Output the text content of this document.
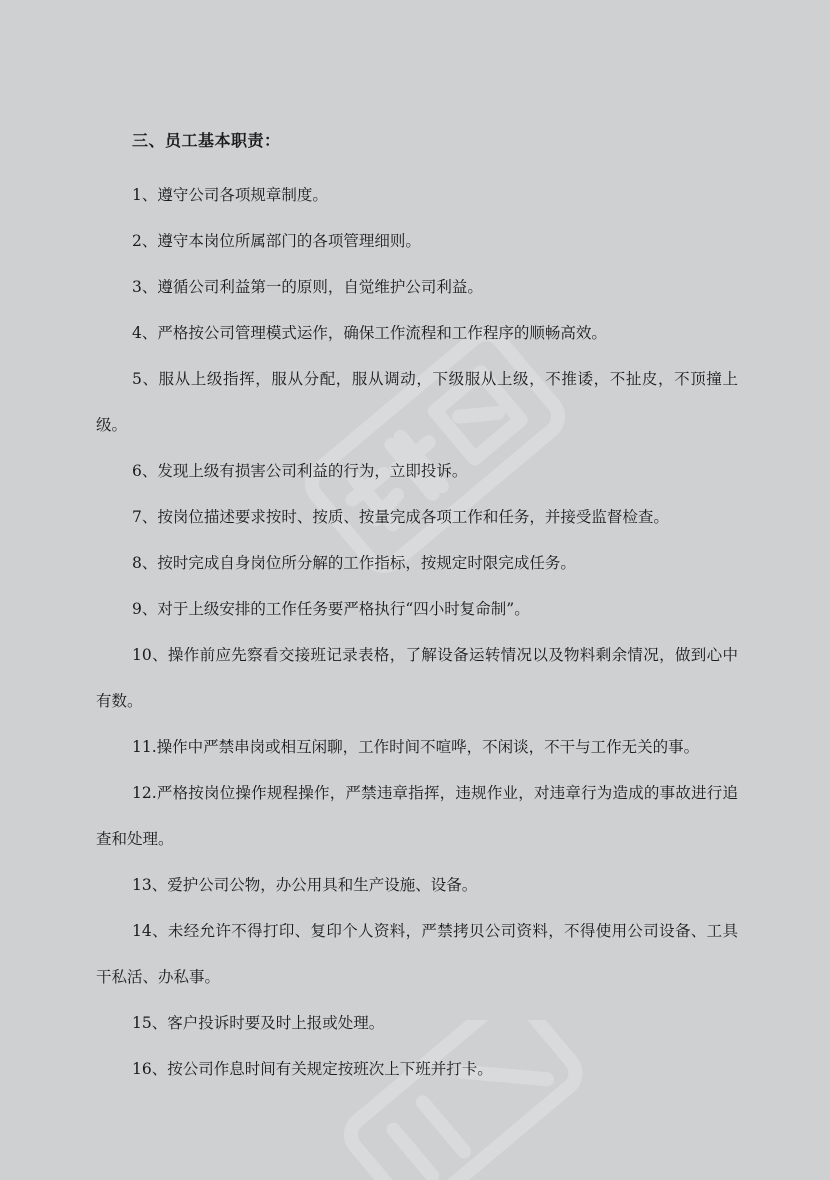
三、员工基本职责：

1、遵守公司各项规章制度。

2、遵守本岗位所属部门的各项管理细则。

3、遵循公司利益第一的原则，自觉维护公司利益。

4、严格按公司管理模式运作，确保工作流程和工作程序的顺畅高效。

5、服从上级指挥，服从分配，服从调动，下级服从上级，不推诿，不扯皮，不顶撞上级。

6、发现上级有损害公司利益的行为，立即投诉。

7、按岗位描述要求按时、按质、按量完成各项工作和任务，并接受监督检查。

8、按时完成自身岗位所分解的工作指标，按规定时限完成任务。

9、对于上级安排的工作任务要严格执行“四小时复命制”。

10、操作前应先察看交接班记录表格，了解设备运转情况以及物料剩余情况，做到心中有数。

11.操作中严禁串岗或相互闲聊，工作时间不喧哗，不闲谈，不干与工作无关的事。

12.严格按岗位操作规程操作，严禁违章指挥，违规作业，对违章行为造成的事故进行追查和处理。

13、爱护公司公物，办公用具和生产设施、设备。

14、未经允许不得打印、复印个人资料，严禁拷贝公司资料，不得使用公司设备、工具干私活、办私事。

15、客户投诉时要及时上报或处理。

16、按公司作息时间有关规定按班次上下班并打卡。
